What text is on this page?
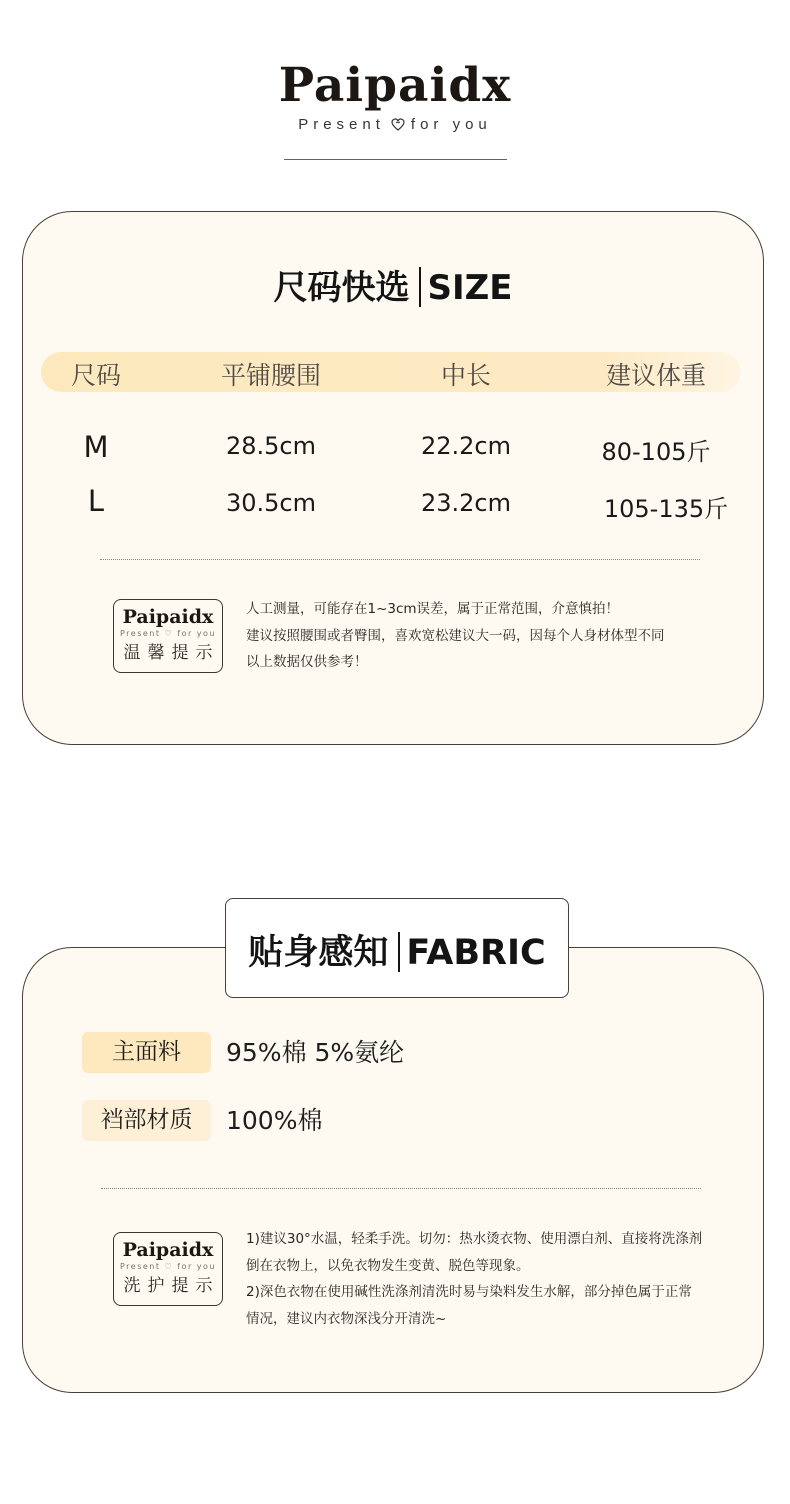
Paipaidx
Present for you
尺码快选 SIZE
尺码	平铺腰围	中长	建议体重
M	28.5cm	22.2cm	80-105斤
L	30.5cm	23.2cm	105-135斤
Paipaidx
Present ♡ for you
温馨提示
人工测量，可能存在1~3cm误差，属于正常范围，介意慎拍！
建议按照腰围或者臀围，喜欢宽松建议大一码，因每个人身材体型不同
以上数据仅供参考！
主面料	95%棉 5%氨纶
裆部材质	100%棉
Paipaidx
Present ♡ for you
洗护提示
1)建议30°水温，轻柔手洗。切勿：热水烫衣物、使用漂白剂、直接将洗涤剂
倒在衣物上，以免衣物发生变黄、脱色等现象。
2)深色衣物在使用碱性洗涤剂清洗时易与染料发生水解，部分掉色属于正常
情况，建议内衣物深浅分开清洗~
贴身感知 FABRIC
